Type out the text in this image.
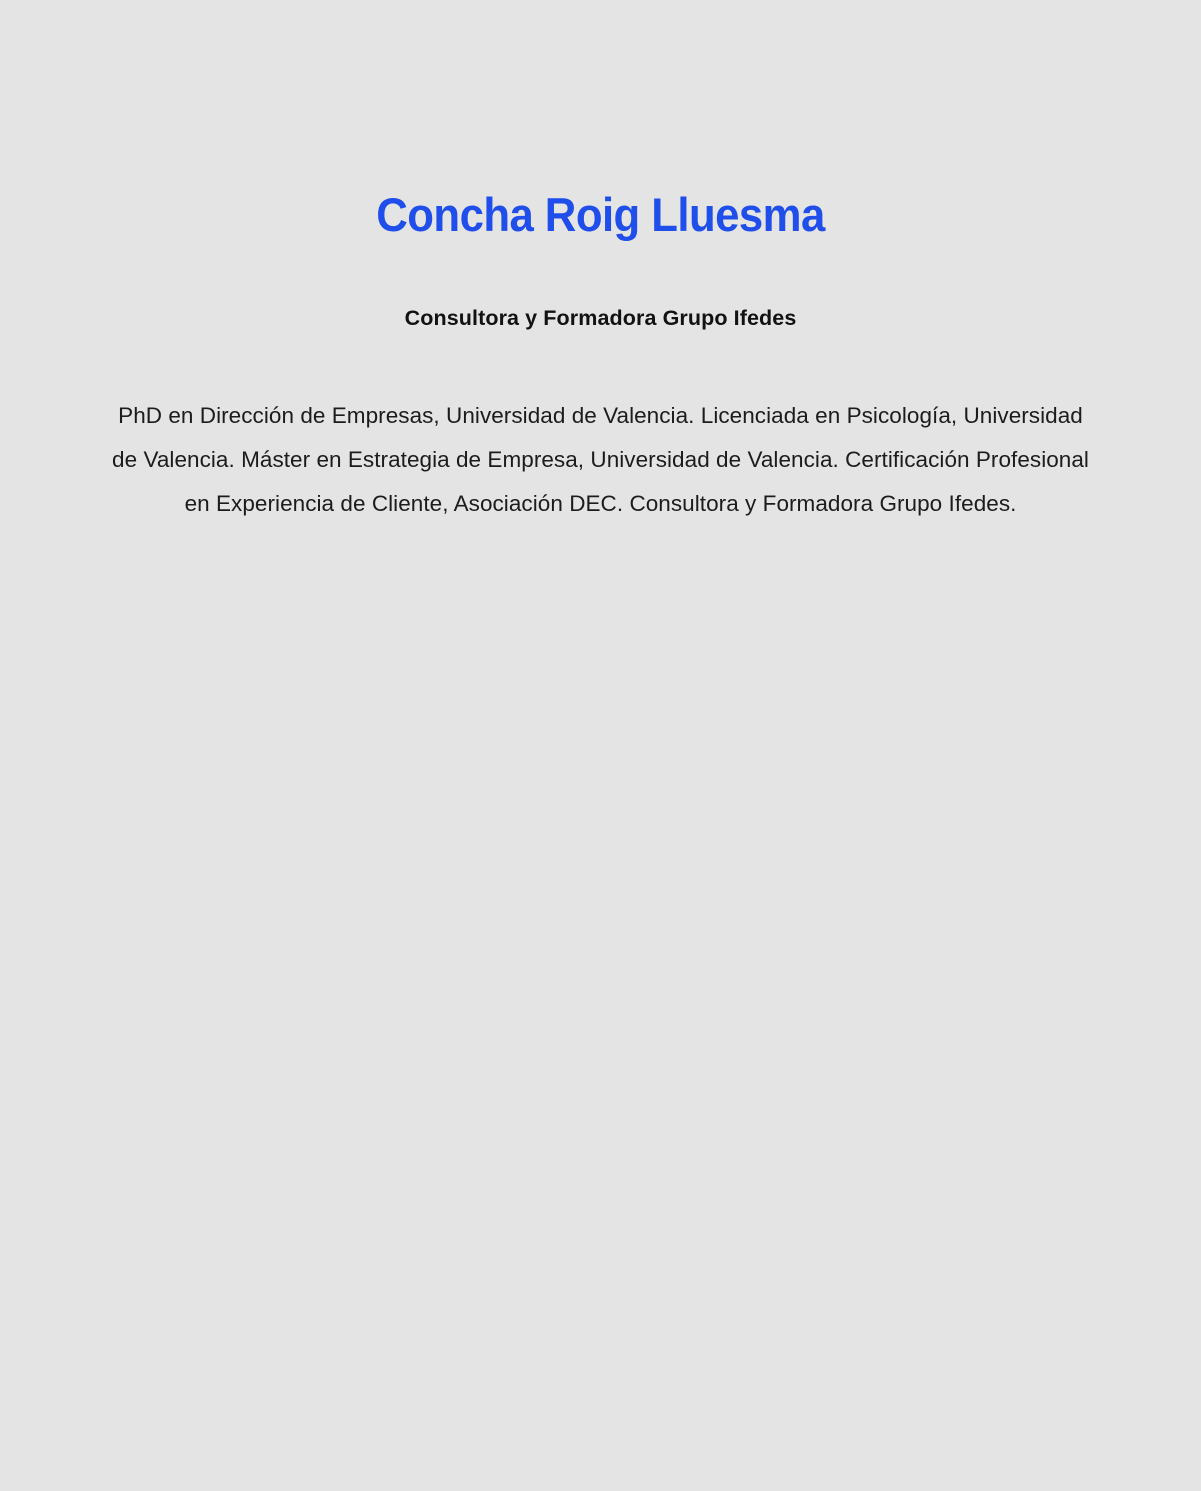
Concha Roig Lluesma
Consultora y Formadora Grupo Ifedes

PhD en Dirección de Empresas, Universidad de Valencia. Licenciada en Psicología, Universidad de Valencia. Máster en Estrategia de Empresa, Universidad de Valencia. Certificación Profesional en Experiencia de Cliente, Asociación DEC. Consultora y Formadora Grupo Ifedes.
